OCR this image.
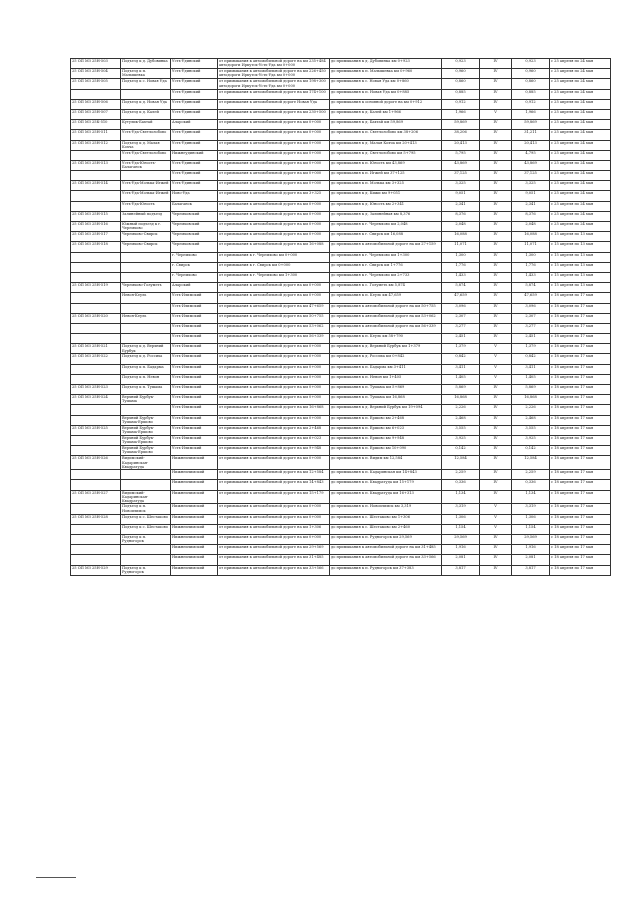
25 OП МЗ 25Н-503	Подъезд к д. Дубовинка	Усть-Удинский	от примыкания к автомобильной дороге на км 235+484 автодороги Иркутск-Усть-Уда км 0+000	до примыкания к д. Дубовинка км 0+923	0,923	IV	0,923	с 25 апреля по 24 мая
25 OП МЗ 25Н-504	Подъезд к п. Малышевка	Усть-Удинский	от примыкания к автомобильной дороге на км 226+450 автодороги Иркутск-Усть-Уда км 0+000	до примыкания к п. Малышевка км 0+960	0,960	IV	0,960	с 25 апреля по 24 мая
25 OП МЗ 25Н-505	Подъезд к с. Новая Уда	Усть-Удинский	от примыкания к автомобильной дороге на км 198+300 автодороги Иркутск-Усть-Уда км 0+000	до примыкания к с. Новая Уда км 0+860	0,860	IV	0,860	с 25 апреля по 24 мая
		Усть-Удинский	от примыкания к автомобильной дороге на км 174+100	до примыкания к п. Новая Уда км 0+885	0,885	IV	0,885	с 25 апреля по 24 мая
25 OП МЗ 25Н-506	Подъезд к д. Новая Уда	Усть-Удинский	от примыкания к автомобильной дороге Новая Уда	до примыкания к основной дороге на км 0+912	0,912	IV	0,912	с 25 апреля по 24 мая
25 OП МЗ 25Н-507	Подъезд к д. Калей	Усть-Удинский	от примыкания к автомобильной дороге на км 230+500	до примыкания к д. Калей км 1+966	1,966	V	1,966	с 25 апреля по 24 мая
25 OП МЗ 25К-510	Кутулик-Бахтай	Аларский	от примыкания к автомобильной дороге на км 0+000	до примыкания к д. Бахтай км 59,869	59,869	IV	59,869	с 25 апреля по 24 мая
25 OП МЗ 25Н-511	Усть-Уда-Светлолобово	Усть-Удинский	от примыкания к автомобильной дороге на км 0+000	до примыкания к п. Светлолобово км 38+206	38,206	IV	31,211	с 25 апреля по 24 мая
25 OП МЗ 25Н-512	Подъезд к д. Малая Кохча	Усть-Удинский	от примыкания к автомобильной дороге на км 0+000	до примыкания к д. Малая Кохча км 20+413	20,413	IV	20,413	с 25 апреля по 24 мая
	Усть-Уда-Светлолобово	Нижнеудинский	от примыкания к автомобильной дороге на км 0+000	до примыкания к д. Светлолобово км 5+795	5,795	IV	4,795	с 25 апреля по 24 мая
25 OП МЗ 25Н-513	Усть-Уда-Юность-Балаганск	Усть-Удинский	от примыкания к автомобильной дороге на км 0+000	до примыкания к п. Юность км 43,869	43,869	IV	43,869	с 25 апреля по 24 мая
		Усть-Удинский	от примыкания к автомобильной дороге на км 0+000	до примыкания к п. Игжей км 37+125	37,125	IV	37,125	с 25 апреля по 24 мая
25 OП МЗ 25Н-514	Усть-Уда-Молька-Игжей	Усть-Удинский	от примыкания к автомобильной дороге на км 0+000	до примыкания к п. Молька км 3+325	3,325	IV	3,325	с 25 апреля по 24 мая
	Усть-Уда-Молька-Игжей	Ново-Уда	от примыкания к автомобильной дороге на км 3+325	до примыкания к д. Кижи км 9+051	9,051	IV	9,051	с 25 апреля по 24 мая
	Усть-Уда-Юность	Балаганск	от примыкания к автомобильной дороге на км 0+000	до примыкания к д. Юность км 2+341	2,341	IV	2,341	с 25 апреля по 24 мая
25 OП МЗ 25Н-515	Залинейный подъезд	Черемховский	от примыкания к автомобильной дороге на км 0+000	до примыкания к д. Залинейная км 8,376	8,376	IV	8,376	с 25 апреля по 24 мая
25 OП МЗ 25Н-516	Южный подъезд к г. Черемхово	Черемховский	от примыкания к автомобильной дороге на км 0+000	до примыкания к г. Черемхово км 2,048	2,048	IV	2,048	с 25 апреля по 24 мая
25 OП МЗ 25Н-517	Черемхово-Свирск	Черемховский	от примыкания к автомобильной дороге на км 0+000	до примыкания к г. Свирск км 16,088	16,088	IV	16,088	с 15 апреля по 13 мая
25 OП МЗ 25Н-518	Черемхово-Свирск	Черемховский	от примыкания к автомобильной дороге на км 16+088	до примыкания к автомобильной дороге на км 27+159	11,071	IV	11,071	с 15 апреля по 13 мая
		г. Черемхово	от примыкания к г. Черемхово км 0+000	до примыкания к г. Черемхово км 1+300	1,300	IV	1,300	с 15 апреля по 13 мая
		г. Свирск	от примыкания к г. Свирск км 0+000	до примыкания к г. Свирск км 1+776	1,776	IV	1,776	с 15 апреля по 13 мая
		г. Черемхово	от примыкания к г. Черемхово км 1+300	до примыкания к г. Черемхово км 2+733	1,433	IV	1,433	с 15 апреля по 13 мая
25 OП МЗ 25Н-519	Черемхово-Голуметь	Аларский	от примыкания к автомобильной дороге на км 0+000	до примыкания к с. Голуметь км 5,874	5,874	IV	5,874	с 15 апреля по 13 мая
	Невон-Кеуль	Усть-Илимский	от примыкания к автомобильной дороге на км 0+000	до примыкания к п. Кеуль км 47,659	47,659	IV	47,659	с 18 апреля по 17 мая
		Усть-Илимский	от примыкания к автомобильной дороге на км 47+659	до примыкания к автомобильной дороге на км 50+755	3,096	IV	3,096	с 18 апреля по 17 мая
25 OП МЗ 25Н-520	Невон-Кеуль	Усть-Илимский	от примыкания к автомобильной дороге на км 50+755	до примыкания к автомобильной дороге на км 53+062	2,307	IV	2,307	с 18 апреля по 17 мая
		Усть-Илимский	от примыкания к автомобильной дороге на км 53+062	до примыкания к автомобильной дороге на км 56+339	3,277	IV	3,277	с 18 апреля по 17 мая
		Усть-Илимский	от примыкания к автомобильной дороге на км 56+339	до примыкания к п. Кеуль км 58+790	2,451	IV	2,451	с 18 апреля по 17 мая
25 OП МЗ 25Н-521	Подъезд к д. Верхний Бурбук	Усть-Илимский	от примыкания к автомобильной дороге на км 0+000	до примыкания к д. Верхний Бурбук км 1+379	1,379	V	1,379	с 18 апреля по 17 мая
25 OП МЗ 25Н-522	Подъезд к д. Россиха	Усть-Илимский	от примыкания к автомобильной дороге на км 0+000	до примыкания к д. Россиха км 0+842	0,842	V	0,842	с 18 апреля по 17 мая
	Подъезд к п. Бадарма	Усть-Илимский	от примыкания к автомобильной дороге на км 0+000	до примыкания к п. Бадарма км 3+411	3,411	V	3,411	с 18 апреля по 17 мая
	Подъезд к п. Невон	Усть-Илимский	от примыкания к автомобильной дороге на км 0+000	до примыкания к п. Невон км 1+405	1,405	V	1,405	с 18 апреля по 17 мая
25 OП МЗ 25Н-523	Подъезд к п. Тушама	Усть-Илимский	от примыкания к автомобильной дороге на км 0+000	до примыкания к п. Тушама км 5+869	5,869	IV	5,869	с 18 апреля по 17 мая
25 OП МЗ 25Н-524	Верхний Бурбук-Тушама	Усть-Илимский	от примыкания к автомобильной дороге на км 0+000	до примыкания к п. Тушама км 16,868	16,868	IV	16,868	с 18 апреля по 17 мая
		Усть-Илимский	от примыкания к автомобильной дороге на км 16+868	до примыкания к д. Верхний Бурбук км 19+094	2,226	IV	2,226	с 18 апреля по 17 мая
	Верхний Бурбук-Тушама-Ершово	Усть-Илимский	от примыкания к автомобильной дороге на км 0+000	до примыкания к п. Ершово км 2+468	2,468	IV	2,468	с 18 апреля по 17 мая
25 OП МЗ 25Н-525	Верхний Бурбук-Тушама-Ершово	Усть-Илимский	от примыкания к автомобильной дороге на км 2+468	до примыкания к п. Ершово км 6+023	3,555	IV	3,555	с 18 апреля по 17 мая
	Верхний Бурбук-Тушама-Ершово	Усть-Илимский	от примыкания к автомобильной дороге на км 6+023	до примыкания к п. Ершово км 9+948	3,925	IV	3,925	с 18 апреля по 17 мая
	Верхний Бурбук-Тушама-Ершово	Усть-Илимский	от примыкания к автомобильной дороге на км 9+948	до примыкания к п. Ершово км 10+090	0,142	IV	0,142	с 18 апреля по 17 мая
25 OП МЗ 25Н-526	Видимский-Кадаринская-Квадратуда	Нижнеилимский	от примыкания к автомобильной дороге на км 0+000	до примыкания к п. Видим км 12,584	12,584	IV	12,584	с 18 апреля по 17 мая
		Нижнеилимский	от примыкания к автомобильной дороге на км 12+584	до примыкания к п. Кадаринская км 14+843	2,259	IV	2,259	с 18 апреля по 17 мая
		Нижнеилимский	от примыкания к автомобильной дороге на км 14+843	до примыкания к п. Квадратуда км 15+179	0,336	IV	0,336	с 18 апреля по 17 мая
25 OП МЗ 25Н-527	Видимский-Кадаринская-Квадратуда	Нижнеилимский	от примыкания к автомобильной дороге на км 15+179	до примыкания к п. Квадратуда км 16+313	1,134	IV	1,134	с 18 апреля по 17 мая
	Подъезд к п. Новоилимск	Нижнеилимский	от примыкания к автомобильной дороге на км 0+000	до примыкания к п. Новоилимск км 3,319	3,319	V	3,319	с 18 апреля по 17 мая
25 OП МЗ 25Н-528	Подъезд к с. Шестаково	Нижнеилимский	от примыкания к автомобильной дороге на км 0+000	до примыкания к с. Шестаково км 1+306	1,306	V	1,306	с 18 апреля по 17 мая
	Подъезд к с. Шестаково	Нижнеилимский	от примыкания к автомобильной дороге на км 1+306	до примыкания к с. Шестаково км 2+460	1,154	V	1,154	с 18 апреля по 17 мая
	Подъезд к п. Рудногорск	Нижнеилимский	от примыкания к автомобильной дороге на км 0+000	до примыкания к п. Рудногорск км 29,569	29,569	IV	29,569	с 18 апреля по 17 мая
		Нижнеилимский	от примыкания к автомобильной дороге на км 29+569	до примыкания к автомобильной дороге на км 31+485	1,916	IV	1,916	с 18 апреля по 17 мая
		Нижнеилимский	от примыкания к автомобильной дороге на км 31+485	до примыкания к автомобильной дороге на км 33+566	2,081	IV	2,081	с 18 апреля по 17 мая
25 OП МЗ 25Н-529	Подъезд к п. Рудногорск	Нижнеилимский	от примыкания к автомобильной дороге на км 33+566	до примыкания к п. Рудногорск км 37+383	3,817	IV	3,817	с 18 апреля по 17 мая
